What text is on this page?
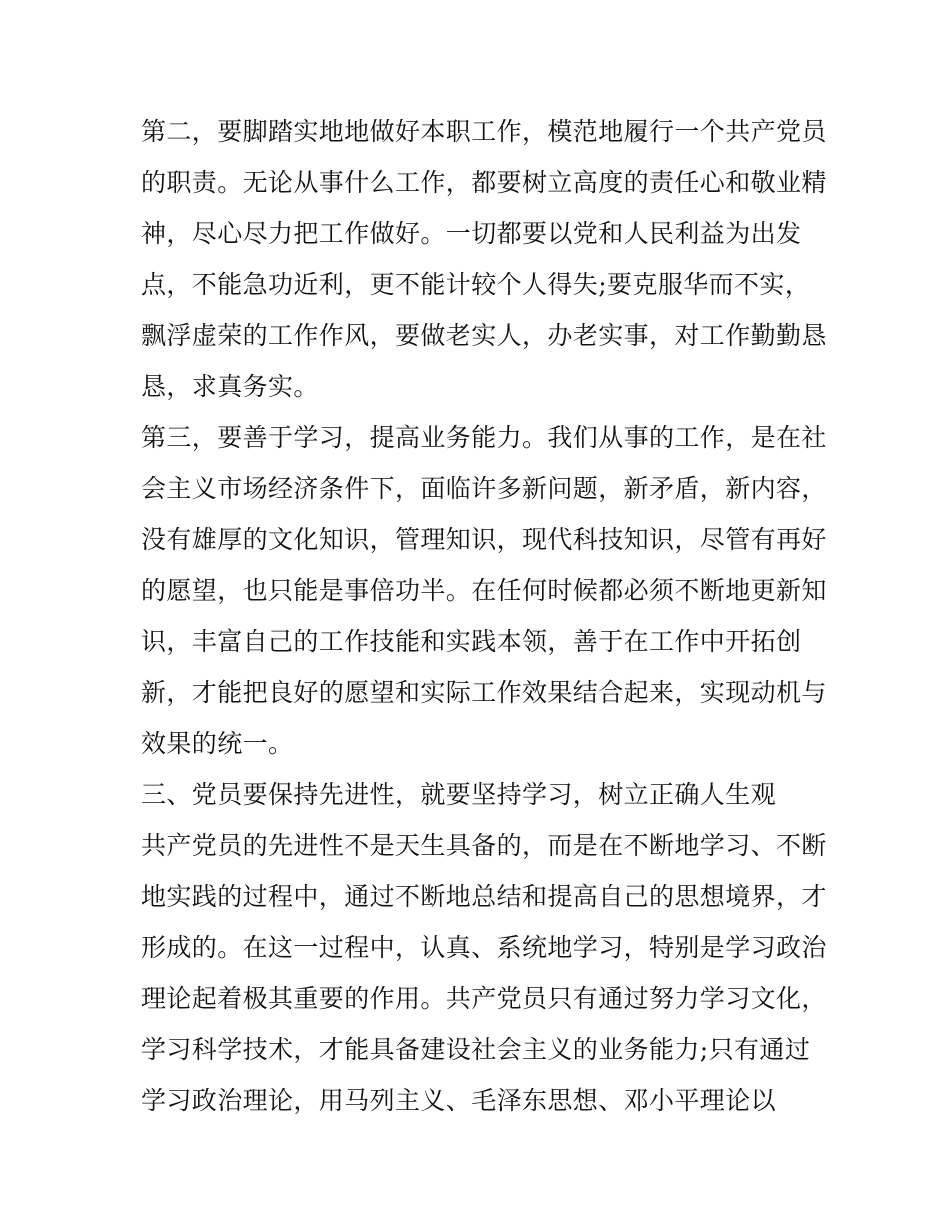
第二，要脚踏实地地做好本职工作，模范地履行一个共产党员
的职责。无论从事什么工作，都要树立高度的责任心和敬业精
神，尽心尽力把工作做好。一切都要以党和人民利益为出发
点，不能急功近利，更不能计较个人得失;要克服华而不实，
飘浮虚荣的工作作风，要做老实人，办老实事，对工作勤勤恳
恳，求真务实。
第三，要善于学习，提高业务能力。我们从事的工作，是在社
会主义市场经济条件下，面临许多新问题，新矛盾，新内容，
没有雄厚的文化知识，管理知识，现代科技知识，尽管有再好
的愿望，也只能是事倍功半。在任何时候都必须不断地更新知
识，丰富自己的工作技能和实践本领，善于在工作中开拓创
新，才能把良好的愿望和实际工作效果结合起来，实现动机与
效果的统一。
三、党员要保持先进性，就要坚持学习，树立正确人生观
共产党员的先进性不是天生具备的，而是在不断地学习、不断
地实践的过程中，通过不断地总结和提高自己的思想境界，才
形成的。在这一过程中，认真、系统地学习，特别是学习政治
理论起着极其重要的作用。共产党员只有通过努力学习文化，
学习科学技术，才能具备建设社会主义的业务能力;只有通过
学习政治理论，用马列主义、毛泽东思想、邓小平理论以
